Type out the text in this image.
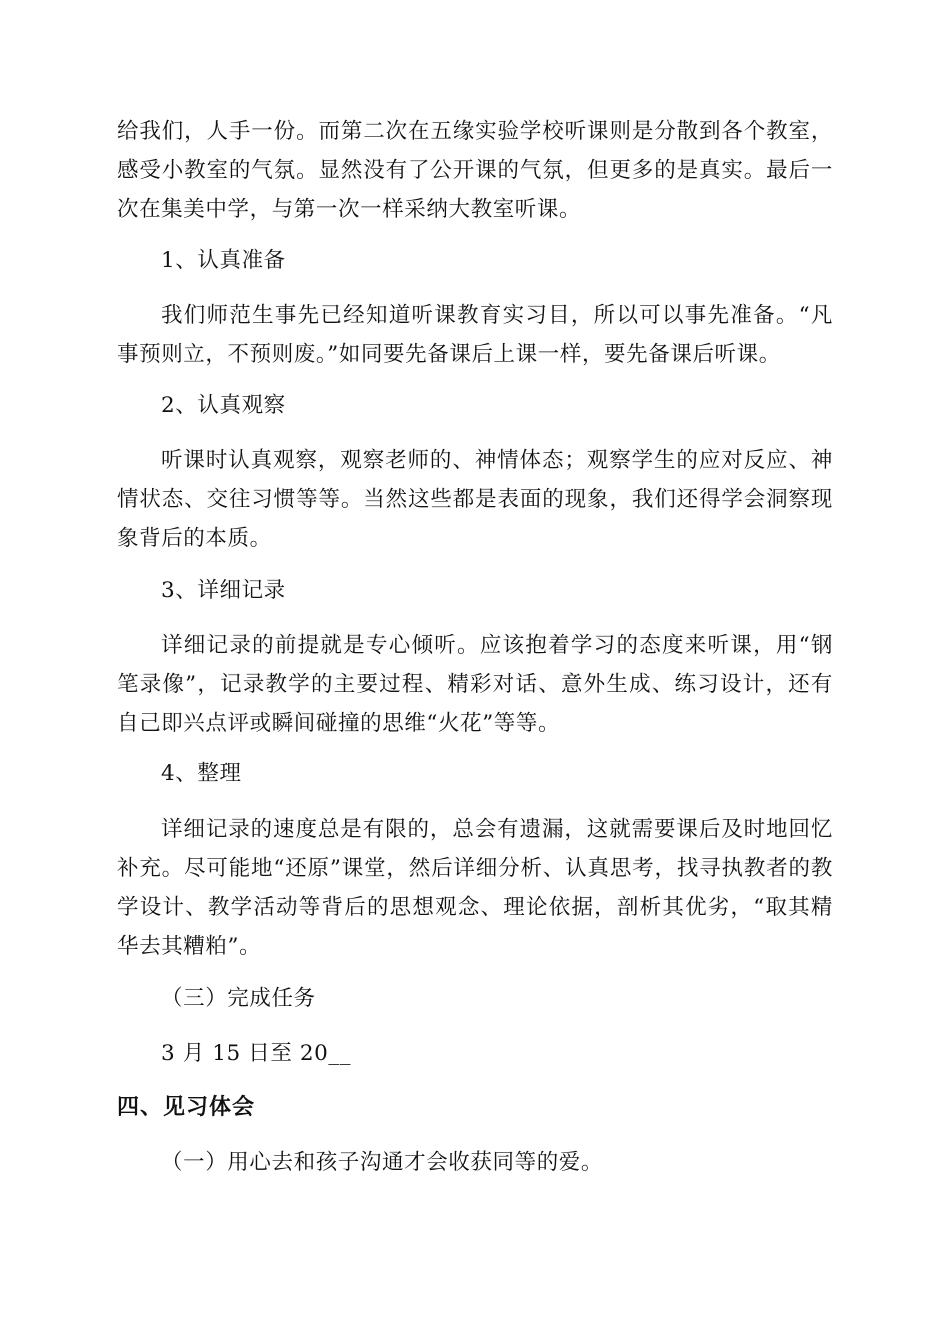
给我们，人手一份。而第二次在五缘实验学校听课则是分散到各个教室，感受小教室的气氛。显然没有了公开课的气氛，但更多的是真实。最后一次在集美中学，与第一次一样采纳大教室听课。

1、认真准备

我们师范生事先已经知道听课教育实习目，所以可以事先准备。“凡事预则立，不预则废。”如同要先备课后上课一样，要先备课后听课。

2、认真观察

听课时认真观察，观察老师的、神情体态；观察学生的应对反应、神情状态、交往习惯等等。当然这些都是表面的现象，我们还得学会洞察现象背后的本质。

3、详细记录

详细记录的前提就是专心倾听。应该抱着学习的态度来听课，用“钢笔录像”，记录教学的主要过程、精彩对话、意外生成、练习设计，还有自己即兴点评或瞬间碰撞的思维“火花”等等。

4、整理

详细记录的速度总是有限的，总会有遗漏，这就需要课后及时地回忆补充。尽可能地“还原”课堂，然后详细分析、认真思考，找寻执教者的教学设计、教学活动等背后的思想观念、理论依据，剖析其优劣，“取其精华去其糟粕”。

（三）完成任务

3 月 15 日至 20__

四、见习体会

（一）用心去和孩子沟通才会收获同等的爱。
